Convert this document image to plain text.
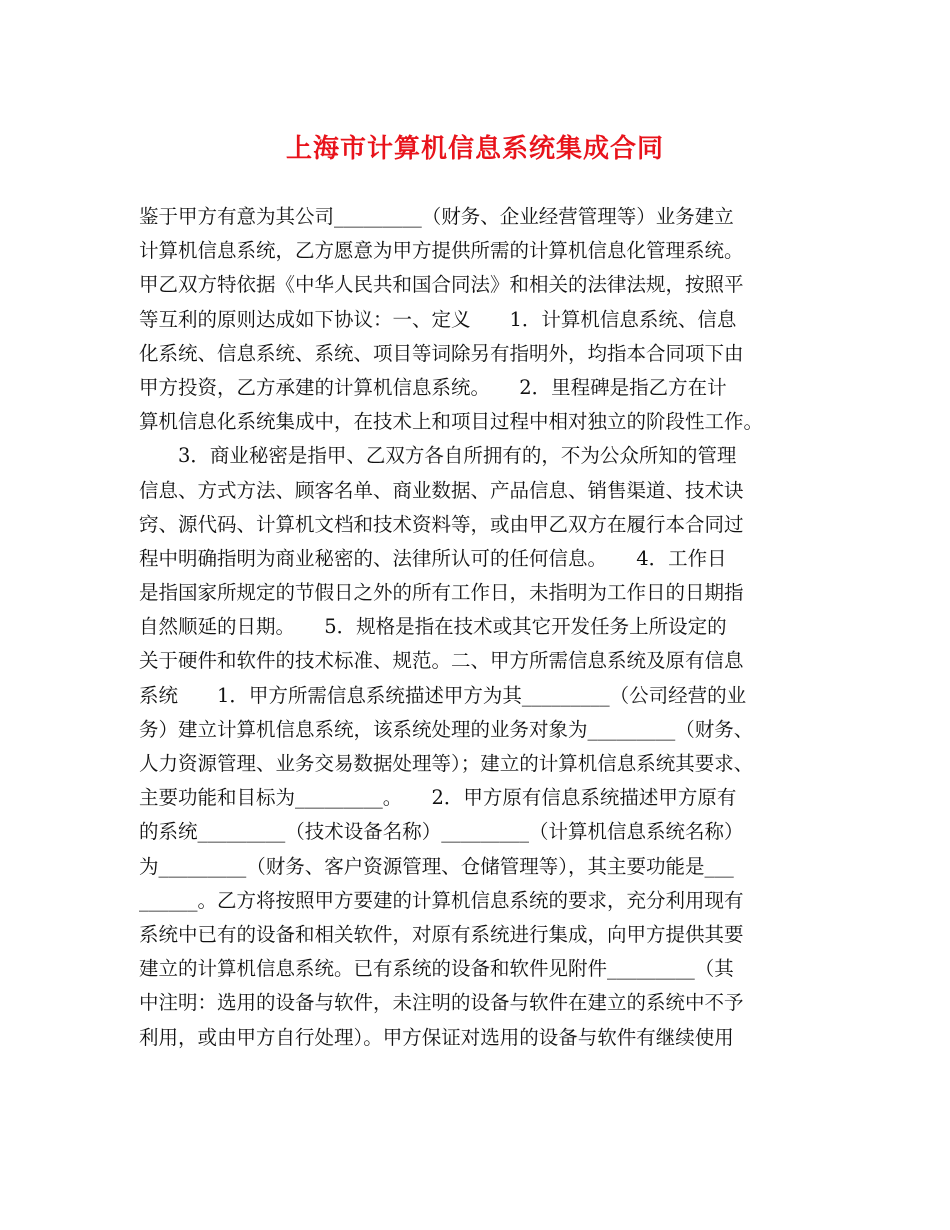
上海市计算机信息系统集成合同
鉴于甲方有意为其公司_________（财务、企业经营管理等）业务建立
计算机信息系统，乙方愿意为甲方提供所需的计算机信息化管理系统。
甲乙双方特依据《中华人民共和国合同法》和相关的法律法规，按照平
等互利的原则达成如下协议：一、定义　　1．计算机信息系统、信息
化系统、信息系统、系统、项目等词除另有指明外，均指本合同项下由
甲方投资，乙方承建的计算机信息系统。　　2．里程碑是指乙方在计
算机信息化系统集成中，在技术上和项目过程中相对独立的阶段性工作。
　　3．商业秘密是指甲、乙双方各自所拥有的，不为公众所知的管理
信息、方式方法、顾客名单、商业数据、产品信息、销售渠道、技术诀
窍、源代码、计算机文档和技术资料等，或由甲乙双方在履行本合同过
程中明确指明为商业秘密的、法律所认可的任何信息。　　4．工作日
是指国家所规定的节假日之外的所有工作日，未指明为工作日的日期指
自然顺延的日期。　　5．规格是指在技术或其它开发任务上所设定的
关于硬件和软件的技术标准、规范。二、甲方所需信息系统及原有信息
系统　　1．甲方所需信息系统描述甲方为其_________（公司经营的业
务）建立计算机信息系统，该系统处理的业务对象为_________（财务、
人力资源管理、业务交易数据处理等）；建立的计算机信息系统其要求、
主要功能和目标为_________。　　2．甲方原有信息系统描述甲方原有
的系统_________（技术设备名称）_________（计算机信息系统名称）
为_________（财务、客户资源管理、仓储管理等），其主要功能是___
______。乙方将按照甲方要建的计算机信息系统的要求，充分利用现有
系统中已有的设备和相关软件，对原有系统进行集成，向甲方提供其要
建立的计算机信息系统。已有系统的设备和软件见附件_________（其
中注明：选用的设备与软件，未注明的设备与软件在建立的系统中不予
利用，或由甲方自行处理）。甲方保证对选用的设备与软件有继续使用
